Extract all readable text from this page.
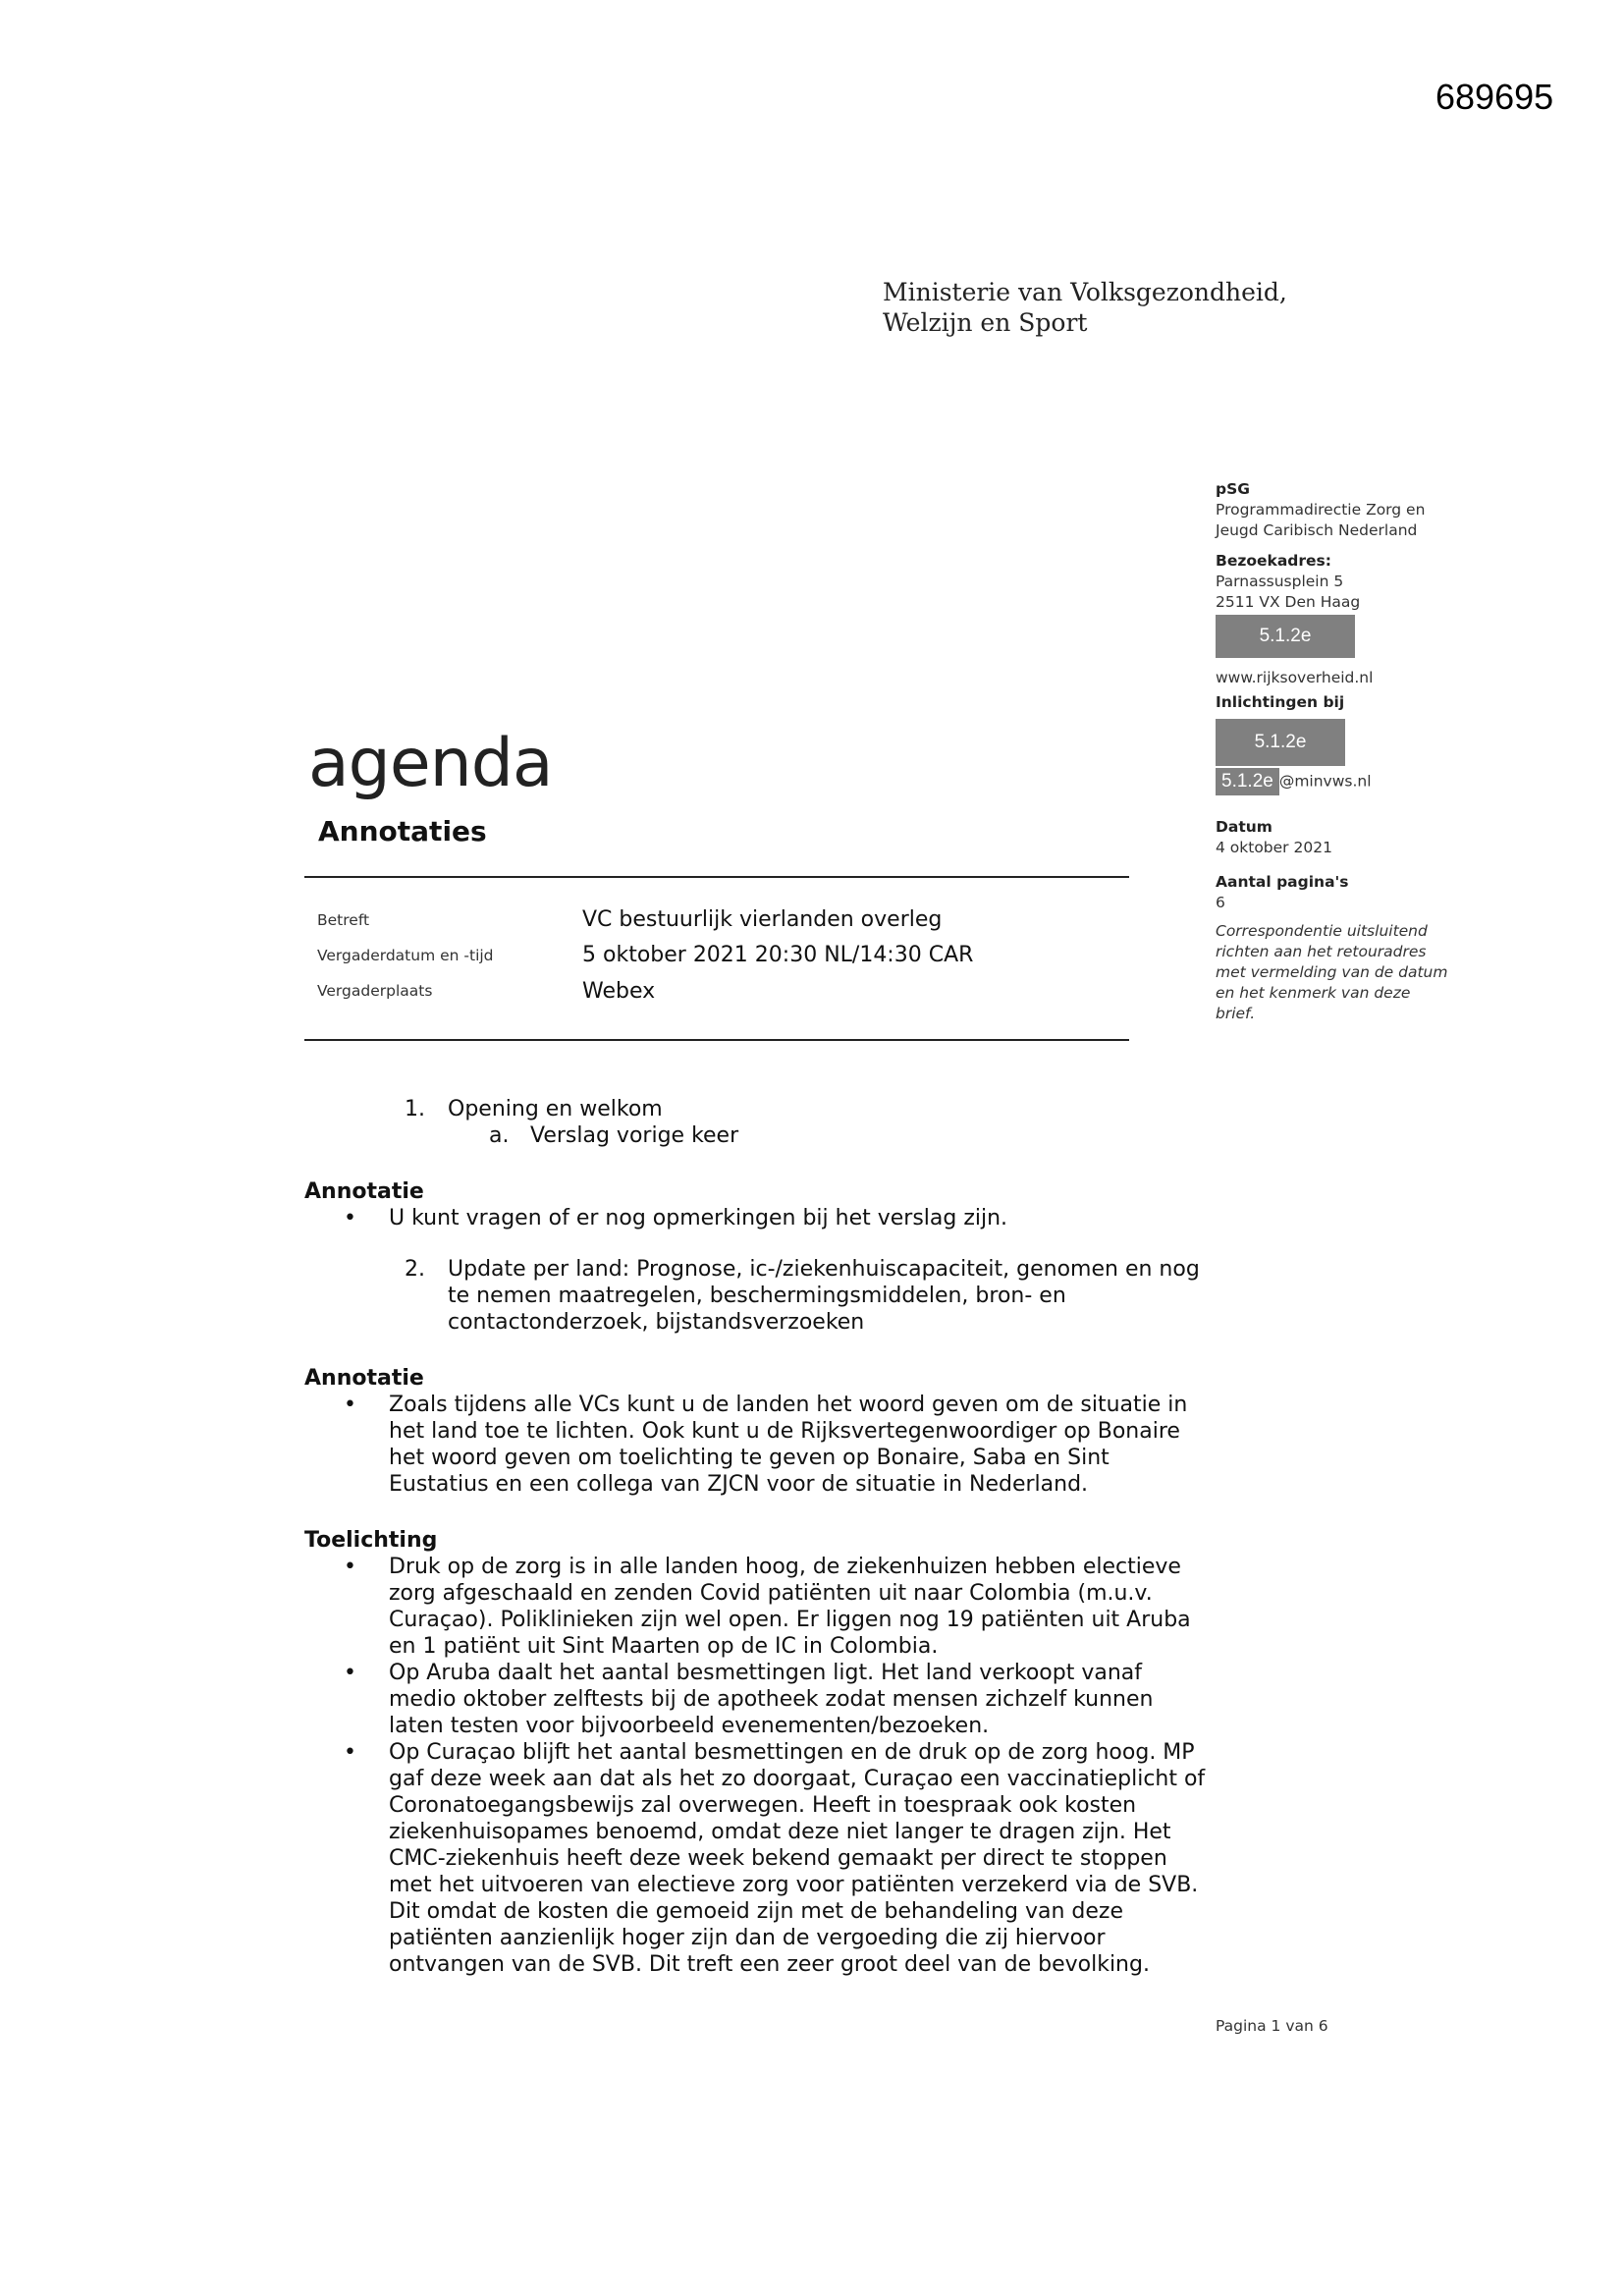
689695
Ministerie van Volksgezondheid,
Welzijn en Sport
pSG
Programmadirectie Zorg en
Jeugd Caribisch Nederland
Bezoekadres:
Parnassusplein 5
2511 VX Den Haag
5.1.2e
www.rijksoverheid.nl
Inlichtingen bij
5.1.2e
5.1.2e @minvws.nl
Datum
4 oktober 2021
Aantal pagina's
6
Correspondentie uitsluitend
richten aan het retouradres
met vermelding van de datum
en het kenmerk van deze
brief.
agenda
Annotaties
Betreft	VC bestuurlijk vierlanden overleg
Vergaderdatum en -tijd	5 oktober 2021 20:30 NL/14:30 CAR
Vergaderplaats	Webex
1. Opening en welkom
a. Verslag vorige keer
Annotatie
• U kunt vragen of er nog opmerkingen bij het verslag zijn.
2.	Update per land: Prognose, ic-/ziekenhuiscapaciteit, genomen en nog
te nemen maatregelen, beschermingsmiddelen, bron- en
contactonderzoek, bijstandsverzoeken
Annotatie
• Zoals tijdens alle VCs kunt u de landen het woord geven om de situatie in
het land toe te lichten. Ook kunt u de Rijksvertegenwoordiger op Bonaire
het woord geven om toelichting te geven op Bonaire, Saba en Sint
Eustatius en een collega van ZJCN voor de situatie in Nederland.
Toelichting
• Druk op de zorg is in alle landen hoog, de ziekenhuizen hebben electieve
zorg afgeschaald en zenden Covid patiënten uit naar Colombia (m.u.v.
Curaçao). Poliklinieken zijn wel open. Er liggen nog 19 patiënten uit Aruba
en 1 patiënt uit Sint Maarten op de IC in Colombia.
• Op Aruba daalt het aantal besmettingen ligt. Het land verkoopt vanaf
medio oktober zelftests bij de apotheek zodat mensen zichzelf kunnen
laten testen voor bijvoorbeeld evenementen/bezoeken.
• Op Curaçao blijft het aantal besmettingen en de druk op de zorg hoog. MP
gaf deze week aan dat als het zo doorgaat, Curaçao een vaccinatieplicht of
Coronatoegangsbewijs zal overwegen. Heeft in toespraak ook kosten
ziekenhuisopames benoemd, omdat deze niet langer te dragen zijn. Het
CMC-ziekenhuis heeft deze week bekend gemaakt per direct te stoppen
met het uitvoeren van electieve zorg voor patiënten verzekerd via de SVB.
Dit omdat de kosten die gemoeid zijn met de behandeling van deze
patiënten aanzienlijk hoger zijn dan de vergoeding die zij hiervoor
ontvangen van de SVB. Dit treft een zeer groot deel van de bevolking.
Pagina 1 van 6
